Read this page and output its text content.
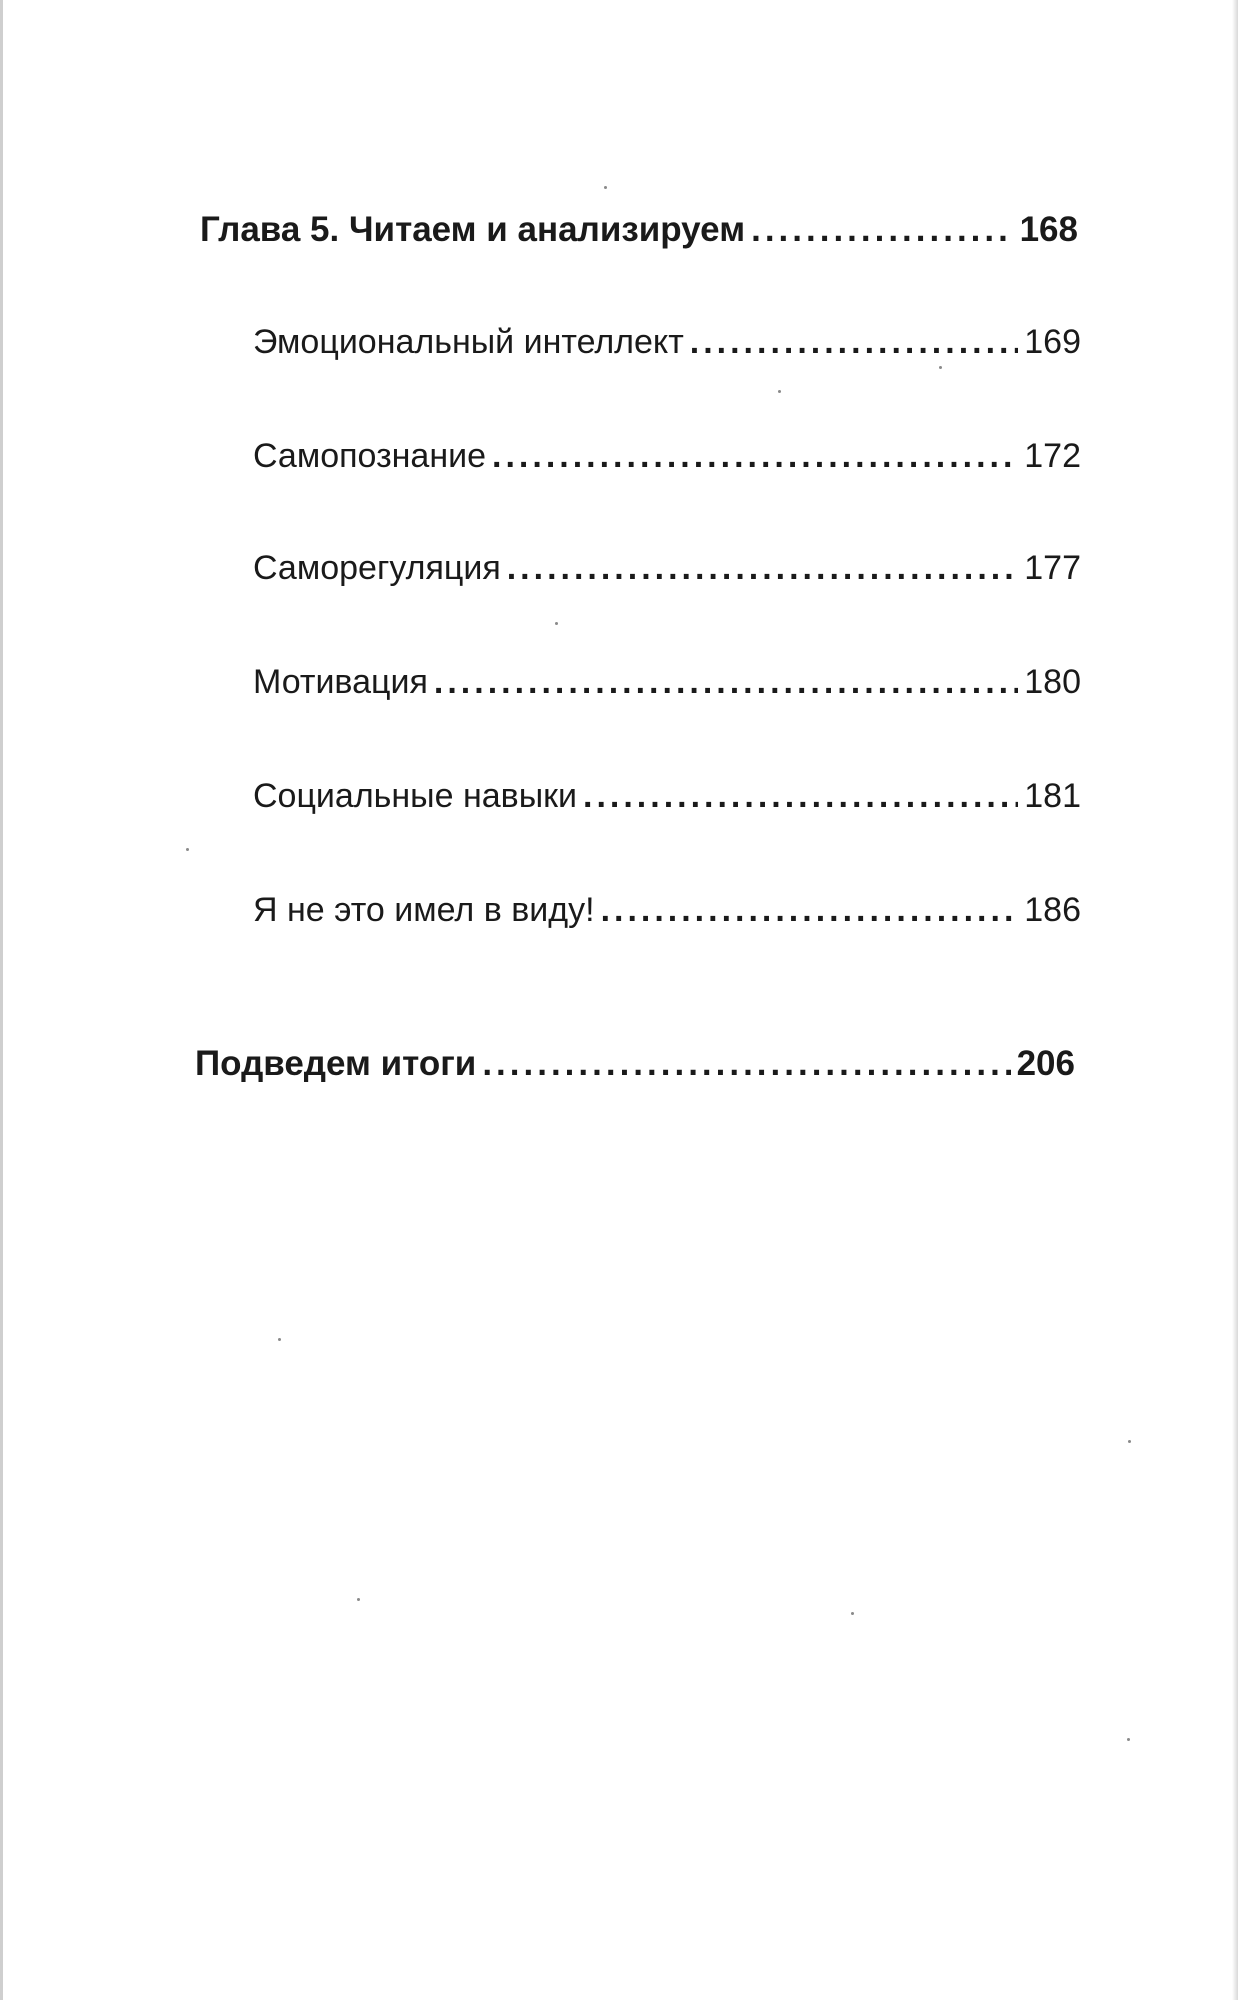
Глава 5. Читаем и анализируем .....	168
Эмоциональный интеллект .....	169
Самопознание .....	172
Саморегуляция .....	177
Мотивация .....	180
Социальные навыки .....	181
Я не это имел в виду! .....	186
Подведем итоги .....	206
